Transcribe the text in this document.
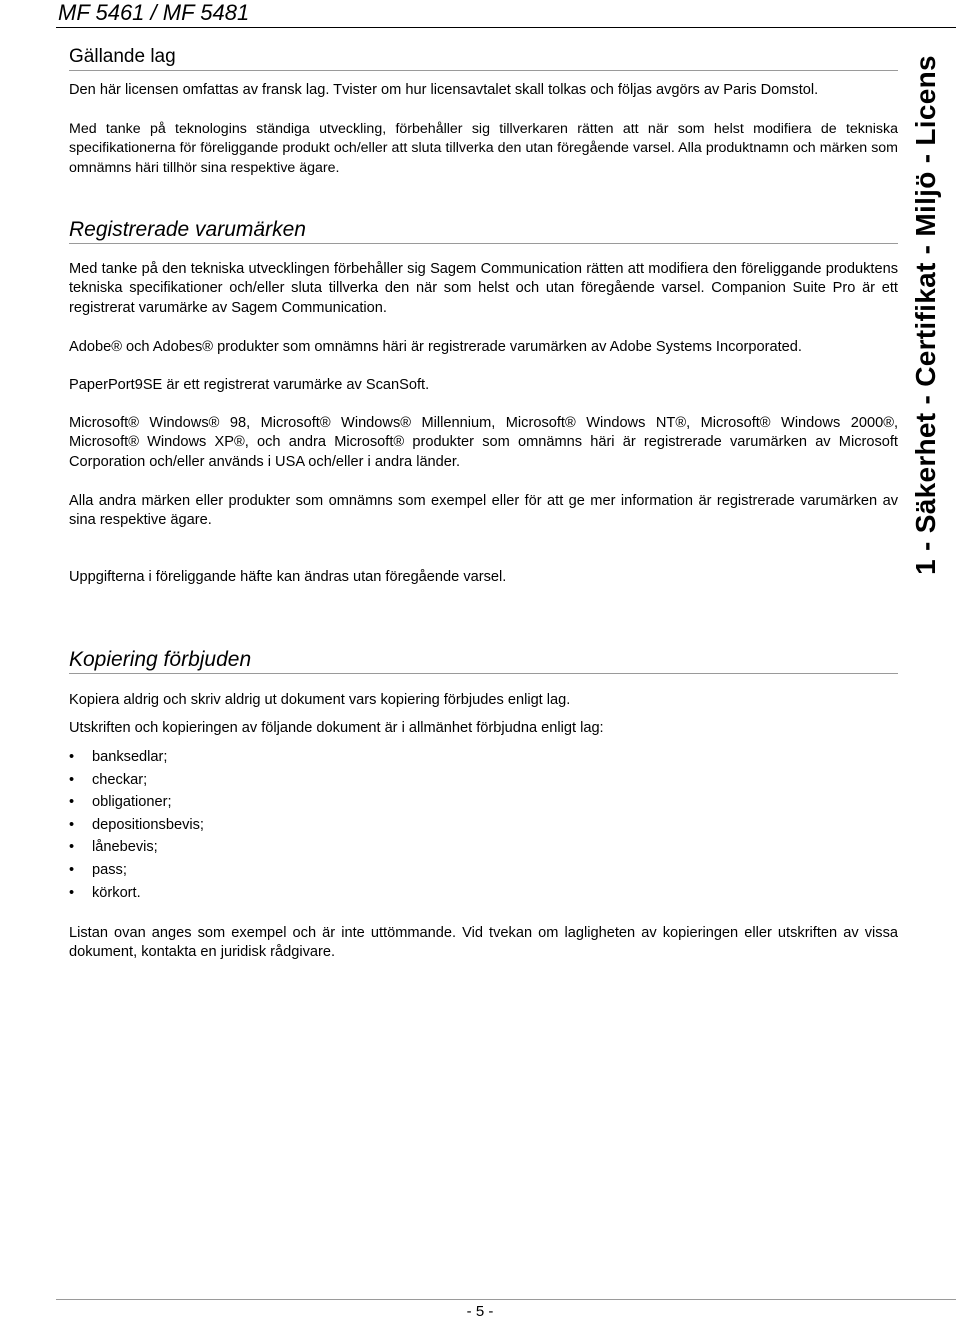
MF 5461 / MF 5481
Gällande lag

Den här licensen omfattas av fransk lag. Tvister om hur licensavtalet skall tolkas och följas avgörs av Paris Domstol.

Med tanke på teknologins ständiga utveckling, förbehåller sig tillverkaren rätten att när som helst modifiera de tekniska specifikationerna för föreliggande produkt och/eller att sluta tillverka den utan föregående varsel. Alla produktnamn och märken som omnämns häri tillhör sina respektive ägare.

Registrerade varumärken

Med tanke på den tekniska utvecklingen förbehåller sig Sagem Communication rätten att modifiera den föreliggande produktens tekniska specifikationer och/eller sluta tillverka den när som helst och utan föregående varsel. Companion Suite Pro är ett registrerat varumärke av Sagem Communication.

Adobe® och Adobes® produkter som omnämns häri är registrerade varumärken av Adobe Systems Incorporated.

PaperPort9SE är ett registrerat varumärke av ScanSoft.

Microsoft® Windows® 98, Microsoft® Windows® Millennium, Microsoft® Windows NT®, Microsoft® Windows 2000®, Microsoft® Windows XP®, och andra Microsoft® produkter som omnämns häri är registrerade varumärken av Microsoft Corporation och/eller används i USA och/eller i andra länder.

Alla andra märken eller produkter som omnämns som exempel eller för att ge mer information är registrerade varumärken av sina respektive ägare.

Uppgifterna i föreliggande häfte kan ändras utan föregående varsel.

Kopiering förbjuden

Kopiera aldrig och skriv aldrig ut dokument vars kopiering förbjudes enligt lag.

Utskriften och kopieringen av följande dokument är i allmänhet förbjudna enligt lag:

• banksedlar;
• checkar;
• obligationer;
• depositionsbevis;
• lånebevis;
• pass;
• körkort.

Listan ovan anges som exempel och är inte uttömmande. Vid tvekan om lagligheten av kopieringen eller utskriften av vissa dokument, kontakta en juridisk rådgivare.

1 - Säkerhet - Certifikat - Miljö - Licens
- 5 -
